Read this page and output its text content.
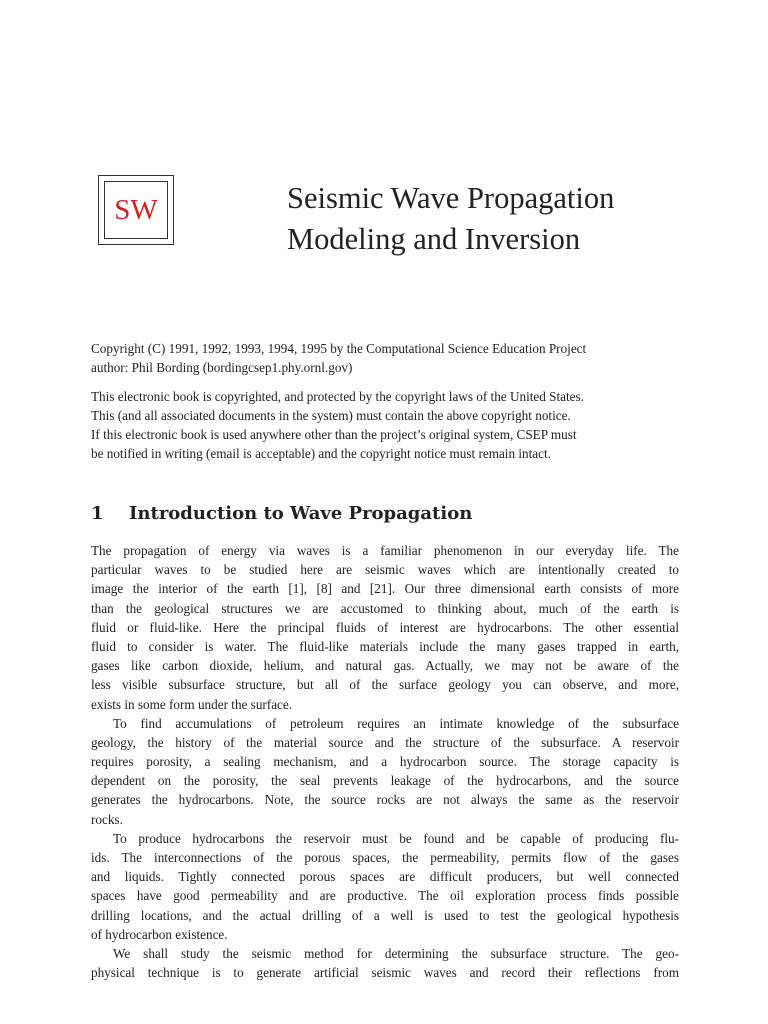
SW	Seismic Wave Propagation
Modeling and Inversion
Copyright (C) 1991, 1992, 1993, 1994, 1995 by the Computational Science Education Project
author: Phil Bording (bordingcsep1.phy.ornl.gov)
This electronic book is copyrighted, and protected by the copyright laws of the United States.
This (and all associated documents in the system) must contain the above copyright notice.
If this electronic book is used anywhere other than the project’s original system, CSEP must
be notified in writing (email is acceptable) and the copyright notice must remain intact.
1 Introduction to Wave Propagation
The propagation of energy via waves is a familiar phenomenon in our everyday life. The
particular waves to be studied here are seismic waves which are intentionally created to
image the interior of the earth [1], [8] and [21]. Our three dimensional earth consists of more
than the geological structures we are accustomed to thinking about, much of the earth is
fluid or fluid-like. Here the principal fluids of interest are hydrocarbons. The other essential
fluid to consider is water. The fluid-like materials include the many gases trapped in earth,
gases like carbon dioxide, helium, and natural gas. Actually, we may not be aware of the
less visible subsurface structure, but all of the surface geology you can observe, and more,
exists in some form under the surface.
To find accumulations of petroleum requires an intimate knowledge of the subsurface
geology, the history of the material source and the structure of the subsurface. A reservoir
requires porosity, a sealing mechanism, and a hydrocarbon source. The storage capacity is
dependent on the porosity, the seal prevents leakage of the hydrocarbons, and the source
generates the hydrocarbons. Note, the source rocks are not always the same as the reservoir
rocks.
To produce hydrocarbons the reservoir must be found and be capable of producing flu-
ids. The interconnections of the porous spaces, the permeability, permits flow of the gases
and liquids. Tightly connected porous spaces are difficult producers, but well connected
spaces have good permeability and are productive. The oil exploration process finds possible
drilling locations, and the actual drilling of a well is used to test the geological hypothesis
of hydrocarbon existence.
We shall study the seismic method for determining the subsurface structure. The geo-
physical technique is to generate artificial seismic waves and record their reflections from
